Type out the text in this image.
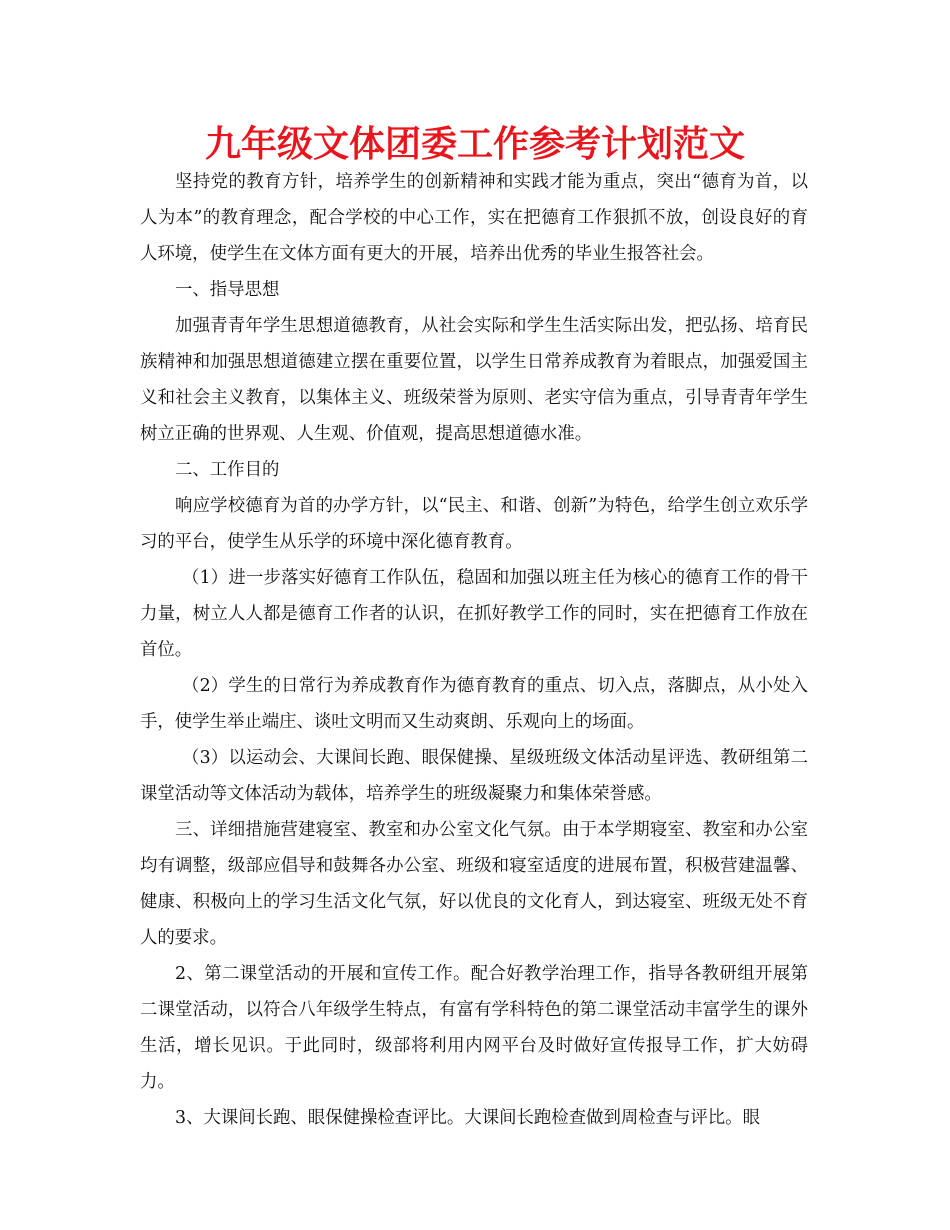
九年级文体团委工作参考计划范文

坚持党的教育方针，培养学生的创新精神和实践才能为重点，突出“德育为首，以人为本”的教育理念，配合学校的中心工作，实在把德育工作狠抓不放，创设良好的育人环境，使学生在文体方面有更大的开展，培养出优秀的毕业生报答社会。

一、指导思想

加强青青年学生思想道德教育，从社会实际和学生生活实际出发，把弘扬、培育民族精神和加强思想道德建立摆在重要位置，以学生日常养成教育为着眼点，加强爱国主义和社会主义教育，以集体主义、班级荣誉为原则、老实守信为重点，引导青青年学生树立正确的世界观、人生观、价值观，提高思想道德水准。

二、工作目的

响应学校德育为首的办学方针，以“民主、和谐、创新”为特色，给学生创立欢乐学习的平台，使学生从乐学的环境中深化德育教育。

（1）进一步落实好德育工作队伍，稳固和加强以班主任为核心的德育工作的骨干力量，树立人人都是德育工作者的认识，在抓好教学工作的同时，实在把德育工作放在首位。

（2）学生的日常行为养成教育作为德育教育的重点、切入点，落脚点，从小处入手，使学生举止端庄、谈吐文明而又生动爽朗、乐观向上的场面。

（3）以运动会、大课间长跑、眼保健操、星级班级文体活动星评选、教研组第二课堂活动等文体活动为载体，培养学生的班级凝聚力和集体荣誉感。

三、详细措施营建寝室、教室和办公室文化气氛。由于本学期寝室、教室和办公室均有调整，级部应倡导和鼓舞各办公室、班级和寝室适度的进展布置，积极营建温馨、健康、积极向上的学习生活文化气氛，好以优良的文化育人，到达寝室、班级无处不育人的要求。

2、第二课堂活动的开展和宣传工作。配合好教学治理工作，指导各教研组开展第二课堂活动，以符合八年级学生特点，有富有学科特色的第二课堂活动丰富学生的课外生活，增长见识。于此同时，级部将利用内网平台及时做好宣传报导工作，扩大妨碍力。

3、大课间长跑、眼保健操检查评比。大课间长跑检查做到周检查与评比。眼
